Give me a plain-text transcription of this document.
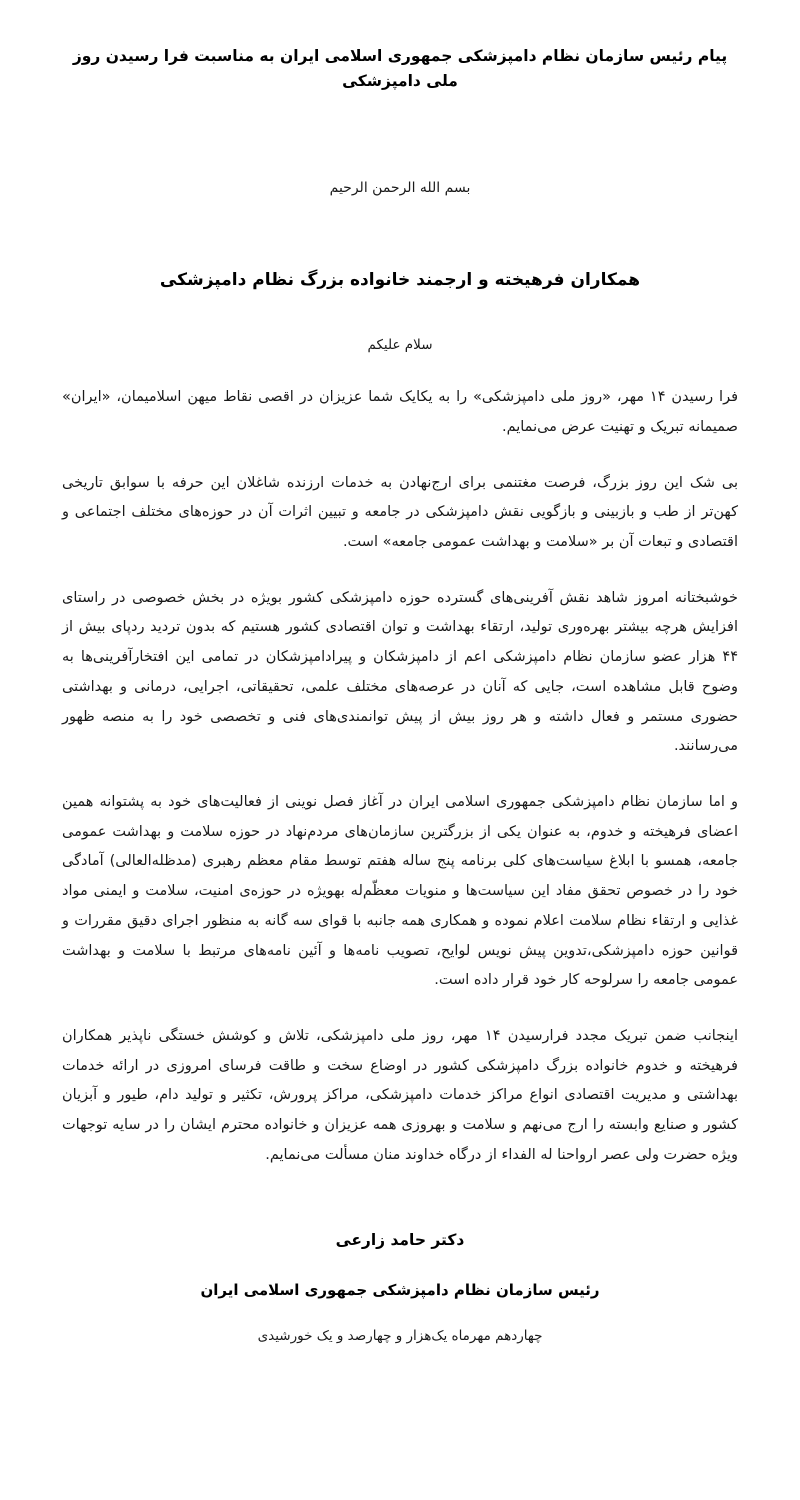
پیام رئیس سازمان نظام دامپزشکی جمهوری اسلامی ایران به مناسبت فرا رسیدن روز ملی دامپزشکی
بسم الله الرحمن الرحیم
همکاران فرهیخته و ارجمند خانواده بزرگ نظام دامپزشکی
سلام علیکم

فرا رسیدن ۱۴ مهر، «روز ملی دامپزشکی» را به یکایک شما عزیزان در اقصی نقاط میهن اسلامیمان، «ایران» صمیمانه تبریک و تهنیت عرض می‌نمایم.

بی شک این روز بزرگ، فرصت مغتنمی برای ارج‌نهادن به خدمات ارزنده شاغلان این حرفه با سوابق تاریخی کهن‌تر از طب و بازبینی و بازگویی نقش دامپزشکی در جامعه و تبیین اثرات آن در حوزه‌های مختلف اجتماعی و اقتصادی و تبعات آن بر «سلامت و بهداشت عمومی جامعه» است.

خوشبختانه امروز شاهد نقش آفرینی‌های گسترده حوزه دامپزشکی کشور بویژه در بخش خصوصی در راستای افزایش هرچه بیشتر بهره‌وری تولید، ارتقاء بهداشت و توان اقتصادی کشور هستیم که بدون تردید ردپای بیش از ۴۴ هزار عضو سازمان نظام دامپزشکی اعم از دامپزشکان و پیرادامپزشکان در تمامی این افتخارآفرینی‌ها به وضوح قابل مشاهده است، جایی که آنان در عرصه‌های مختلف علمی، تحقیقاتی، اجرایی، درمانی و بهداشتی حضوری مستمر و فعال داشته و هر روز بیش از پیش توانمندی‌های فنی و تخصصی خود را به منصه ظهور می‌رسانند.

و اما سازمان نظام دامپزشکی جمهوری اسلامی ایران در آغاز فصل نوینی از فعالیت‌های خود به پشتوانه همین اعضای فرهیخته و خدوم، به عنوان یکی از بزرگترین سازمان‌های مردم‌نهاد در حوزه سلامت و بهداشت عمومی جامعه، همسو با ابلاغ سیاست‌های کلی برنامه پنج ساله هفتم توسط مقام معظم رهبری (مدظله‌العالی) آمادگی خود را در خصوص تحقق مفاد این سیاست‌ها و منویات معظّم‌له بهویژه در حوزه‌ی امنیت، سلامت و ایمنی مواد غذایی و ارتقاء نظام سلامت اعلام نموده و همکاری همه جانبه با قوای سه گانه به منظور اجرای دقیق مقررات و قوانین حوزه دامپزشکی،تدوین پیش نویس لوایح، تصویب نامه‌ها و آئین نامه‌های مرتبط با سلامت و بهداشت عمومی جامعه را سرلوحه کار خود قرار داده است.

اینجانب ضمن تبریک مجدد فرارسیدن ۱۴ مهر، روز ملی دامپزشکی، تلاش و کوشش خستگی ناپذیر همکاران فرهیخته و خدوم خانواده بزرگ دامپزشکی کشور در اوضاع سخت و طاقت فرسای امروزی در ارائه خدمات بهداشتی و مدیریت اقتصادی انواع مراکز خدمات دامپزشکی، مراکز پرورش، تکثیر و تولید دام، طیور و آبزیان کشور و صنایع وابسته را ارج می‌نهم و سلامت و بهروزی همه عزیزان و خانواده محترم ایشان را در سایه توجهات ویژه حضرت ولی عصر ارواحنا له الفداء از درگاه خداوند منان مسألت می‌نمایم.

دکتر حامد زارعی
رئیس سازمان نظام دامپزشکی جمهوری اسلامی ایران
چهاردهم مهرماه یک‌هزار و چهارصد و یک خورشیدی
